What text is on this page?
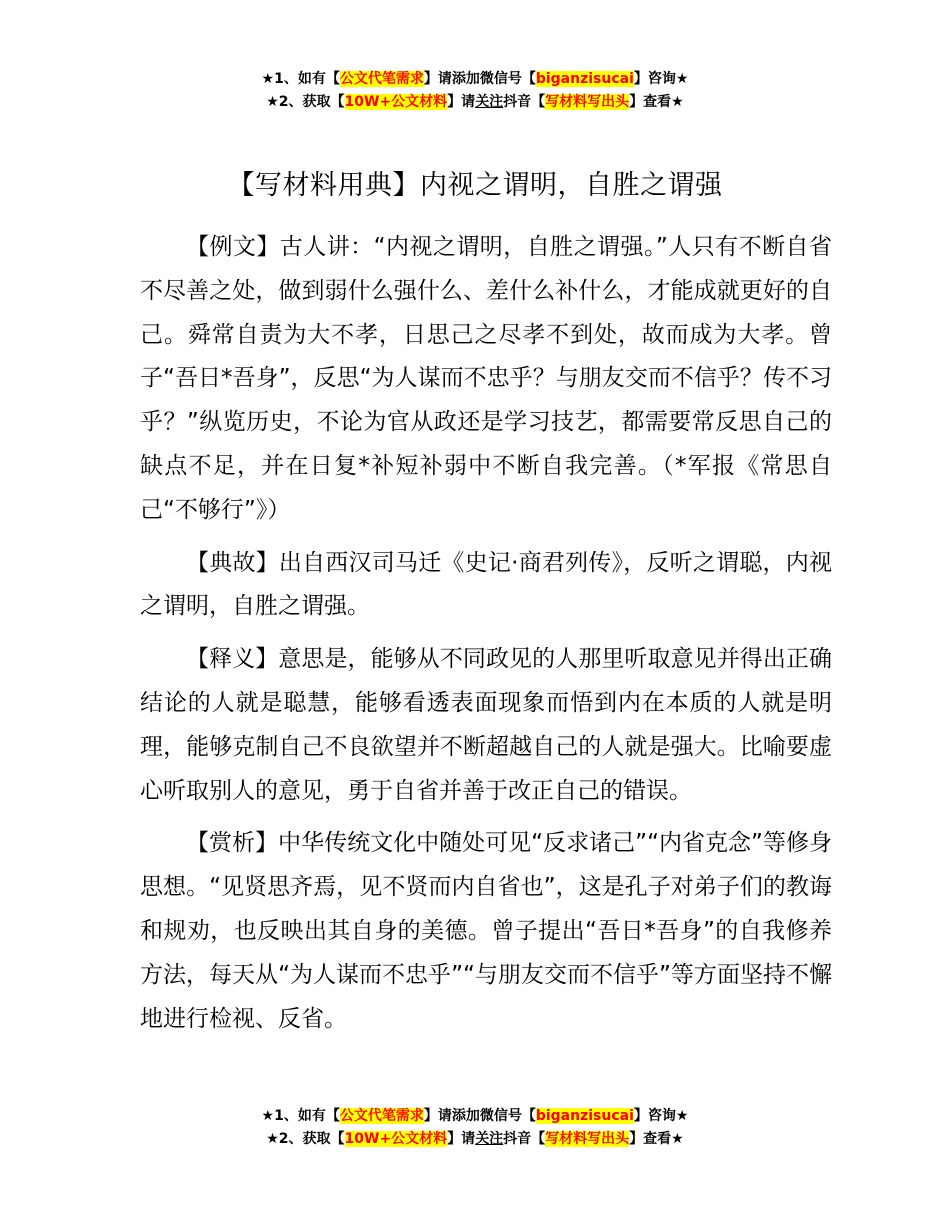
★1、如有【公文代笔需求】请添加微信号【biganzisucai】咨询★
★2、获取【10W+公文材料】请关注抖音【写材料写出头】查看★
【写材料用典】内视之谓明，自胜之谓强

【例文】古人讲：“内视之谓明，自胜之谓强。”人只有不断自省不尽善之处，做到弱什么强什么、差什么补什么，才能成就更好的自己。舜常自责为大不孝，日思己之尽孝不到处，故而成为大孝。曾子“吾日*吾身”，反思“为人谋而不忠乎？与朋友交而不信乎？传不习乎？”纵览历史，不论为官从政还是学习技艺，都需要常反思自己的缺点不足，并在日复*补短补弱中不断自我完善。（*军报《常思自己“不够行”》）

【典故】出自西汉司马迁《史记·商君列传》，反听之谓聪，内视之谓明，自胜之谓强。

【释义】意思是，能够从不同政见的人那里听取意见并得出正确结论的人就是聪慧，能够看透表面现象而悟到内在本质的人就是明理，能够克制自己不良欲望并不断超越自己的人就是强大。比喻要虚心听取别人的意见，勇于自省并善于改正自己的错误。

【赏析】中华传统文化中随处可见“反求诸己”“内省克念”等修身思想。“见贤思齐焉，见不贤而内自省也”，这是孔子对弟子们的教诲和规劝，也反映出其自身的美德。曾子提出“吾日*吾身”的自我修养方法，每天从“为人谋而不忠乎”“与朋友交而不信乎”等方面坚持不懈地进行检视、反省。

★1、如有【公文代笔需求】请添加微信号【biganzisucai】咨询★
★2、获取【10W+公文材料】请关注抖音【写材料写出头】查看★
